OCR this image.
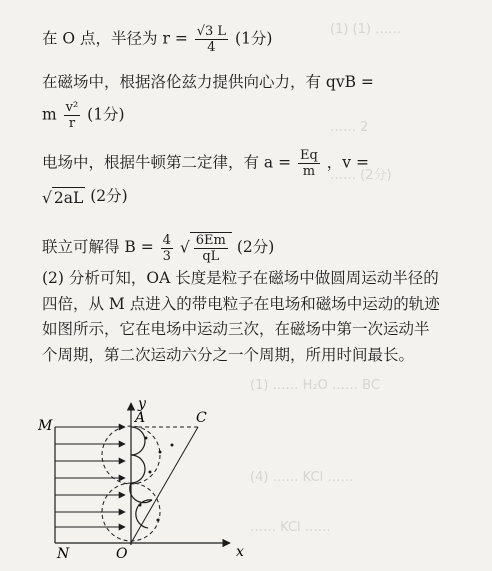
(1) (1) ……
…… 2
…… (2分)
在 O 点，半径为 $r = \frac{√3 L}{4} (1$分)
在磁场中，根据洛伦兹力提供向心力，有 qvB =
m $\frac{\text{v²}}{r} (1$分)
电场中，根据牛顿第二定律，有 $a = \frac{Eq}{m}$ ，v =
√ 2aL (2分)
联立可解得 $B = \frac{4}{3}$ √ $\frac{6Em}{qL} (2$分)
(2) 分析可知，OA 长度是粒子在磁场中做圆周运动半径的四倍，从 M 点进入的带电粒子在电场和磁场中运动的轨迹如图所示，它在电场中运动三次，在磁场中第一次运动半个周期，第二次运动六分之一个周期，所用时间最长。
y
x
M	A	C
N	O
(1) …… H₂O …… BC
(4) …… KCl ……
…… KCl ……
